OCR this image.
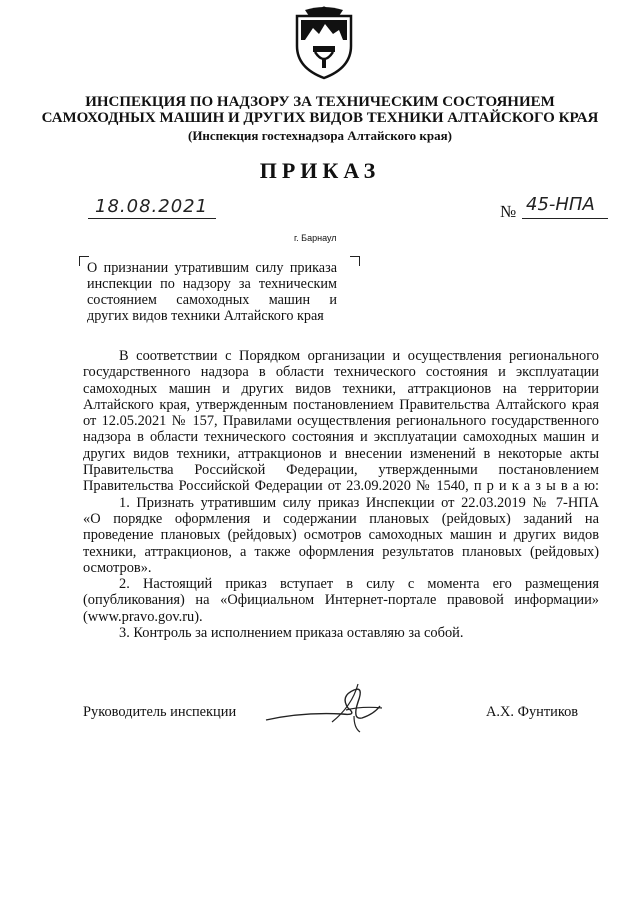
ИНСПЕКЦИЯ ПО НАДЗОРУ ЗА ТЕХНИЧЕСКИМ СОСТОЯНИЕМ
САМОХОДНЫХ МАШИН И ДРУГИХ ВИДОВ ТЕХНИКИ АЛТАЙСКОГО КРАЯ
(Инспекция гостехнадзора Алтайского края)
ПРИКАЗ
18.08.2021	№ 45-НПА
г. Барнаул
О признании утратившим силу приказа
инспекции по надзору за техническим
состоянием самоходных машин и
других видов техники Алтайского края
В соответствии с Порядком организации и осуществления регионального
государственного надзора в области технического состояния и эксплуатации
самоходных машин и других видов техники, аттракционов на территории
Алтайского края, утвержденным постановлением Правительства Алтайского края
от 12.05.2021 № 157, Правилами осуществления регионального государственного
надзора в области технического состояния и эксплуатации самоходных машин и
других видов техники, аттракционов и внесении изменений в некоторые акты
Правительства Российской Федерации, утвержденными постановлением
Правительства Российской Федерации от 23.09.2020 № 1540, п р и к а з ы в а ю:
1. Признать утратившим силу приказ Инспекции от 22.03.2019 № 7-НПА
«О порядке оформления и содержании плановых (рейдовых) заданий на
проведение плановых (рейдовых) осмотров самоходных машин и других видов
техники, аттракционов, а также оформления результатов плановых (рейдовых)
осмотров».
2. Настоящий приказ вступает в силу с момента его размещения
(опубликования) на «Официальном Интернет-портале правовой информации»
(www.pravo.gov.ru).
3. Контроль за исполнением приказа оставляю за собой.
Руководитель инспекции	А.Х. Фунтиков
